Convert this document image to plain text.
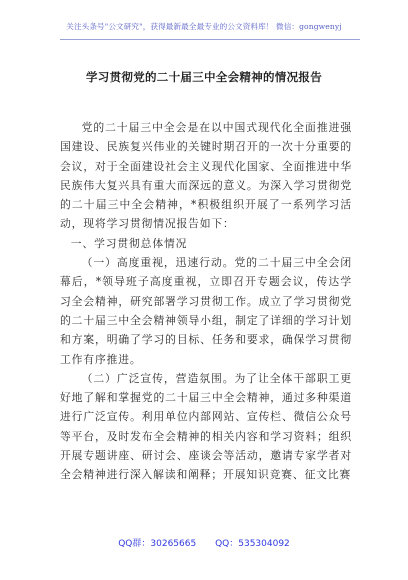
关注头条号"公文研究"，获得最新最全最专业的公文资料库！ 微信：gongwenyj
学习贯彻党的二十届三中全会精神的情况报告

党的二十届三中全会是在以中国式现代化全面推进强国建设、民族复兴伟业的关键时期召开的一次十分重要的会议，对于全面建设社会主义现代化国家、全面推进中华民族伟大复兴具有重大而深远的意义。为深入学习贯彻党的二十届三中全会精神，*积极组织开展了一系列学习活动，现将学习贯彻情况报告如下：

一、学习贯彻总体情况

（一）高度重视，迅速行动。党的二十届三中全会闭幕后，*领导班子高度重视，立即召开专题会议，传达学习全会精神，研究部署学习贯彻工作。成立了学习贯彻党的二十届三中全会精神领导小组，制定了详细的学习计划和方案，明确了学习的目标、任务和要求，确保学习贯彻工作有序推进。

（二）广泛宣传，营造氛围。为了让全体干部职工更好地了解和掌握党的二十届三中全会精神，通过多种渠道进行广泛宣传。利用单位内部网站、宣传栏、微信公众号等平台，及时发布全会精神的相关内容和学习资料；组织开展专题讲座、研讨会、座谈会等活动，邀请专家学者对全会精神进行深入解读和阐释；开展知识竞赛、征文比赛

QQ群：30265665 QQ：535304092
